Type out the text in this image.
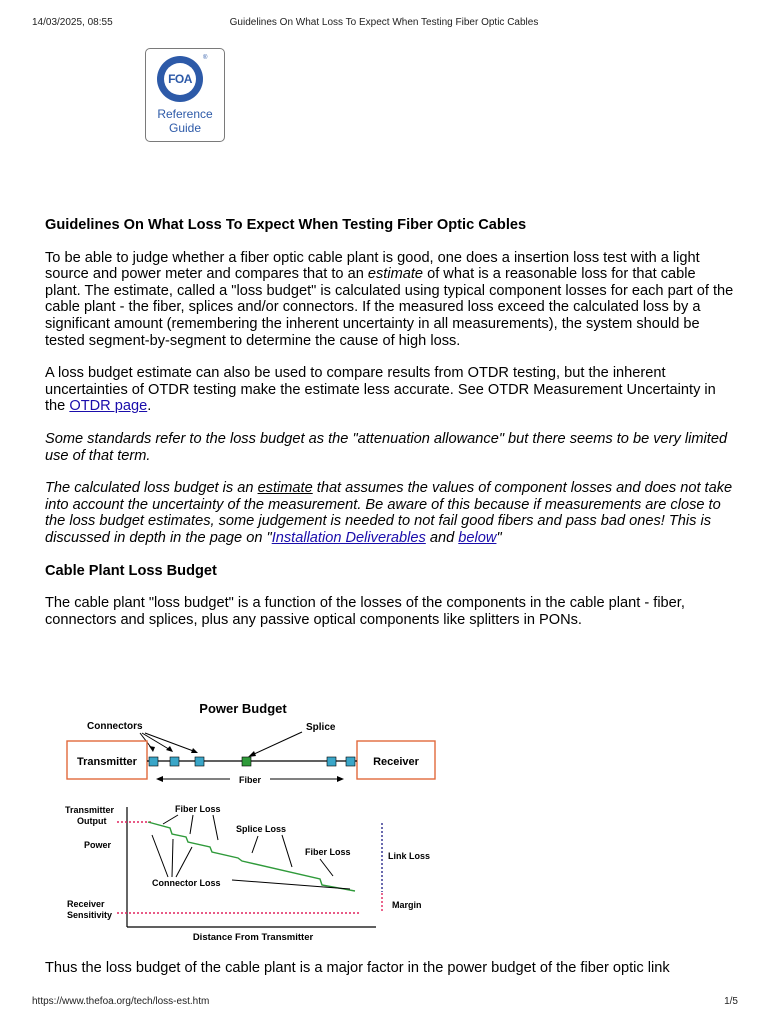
14/03/2025, 08:55	Guidelines On What Loss To Expect When Testing Fiber Optic Cables
FOA
®
Reference
Guide
Guidelines On What Loss To Expect When Testing Fiber Optic Cables

To be able to judge whether a fiber optic cable plant is good, one does a insertion loss test with a light source and power meter and compares that to an estimate of what is a reasonable loss for that cable plant. The estimate, called a "loss budget" is calculated using typical component losses for each part of the cable plant - the fiber, splices and/or connectors. If the measured loss exceed the calculated loss by a significant amount (remembering the inherent uncertainty in all measurements), the system should be tested segment-by-segment to determine the cause of high loss.

A loss budget estimate can also be used to compare results from OTDR testing, but the inherent uncertainties of OTDR testing make the estimate less accurate. See OTDR Measurement Uncertainty in the OTDR page.

Some standards refer to the loss budget as the "attenuation allowance" but there seems to be very limited use of that term.

The calculated loss budget is an estimate that assumes the values of component losses and does not take into account the uncertainty of the measurement. Be aware of this because if measurements are close to the loss budget estimates, some judgement is needed to not fail good fibers and pass bad ones! This is discussed in depth in the page on "Installation Deliverables and below"

Cable Plant Loss Budget

The cable plant "loss budget" is a function of the losses of the components in the cable plant - fiber, connectors and splices, plus any passive optical components like splitters in PONs.

Power Budget
Connectors	Splice
Transmitter	Receiver
Fiber
Transmitter
Output
Power
Receiver
Sensitivity
Distance From Transmitter
Fiber Loss
Splice Loss
Fiber Loss
Connector Loss
Link Loss
Margin

Thus the loss budget of the cable plant is a major factor in the power budget of the fiber optic link

https://www.thefoa.org/tech/loss-est.htm	1/5
